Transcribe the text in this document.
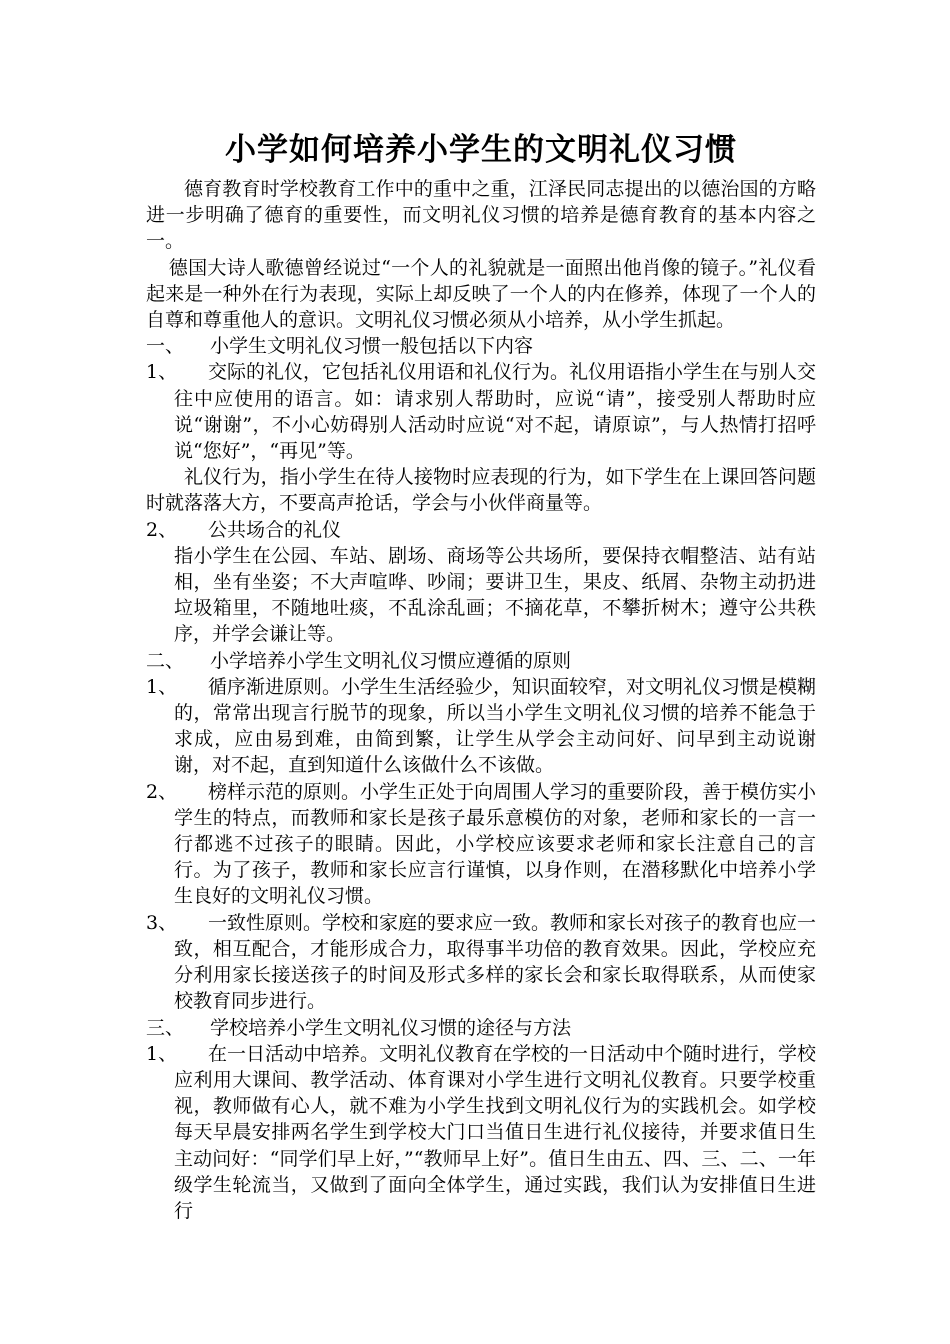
小学如何培养小学生的文明礼仪习惯

德育教育时学校教育工作中的重中之重，江泽民同志提出的以德治国的方略进一步明确了德育的重要性，而文明礼仪习惯的培养是德育教育的基本内容之一。

德国大诗人歌德曾经说过“一个人的礼貌就是一面照出他肖像的镜子。”礼仪看起来是一种外在行为表现，实际上却反映了一个人的内在修养，体现了一个人的自尊和尊重他人的意识。文明礼仪习惯必须从小培养，从小学生抓起。

一、	小学生文明礼仪习惯一般包括以下内容

1、 交际的礼仪，它包括礼仪用语和礼仪行为。礼仪用语指小学生在与别人交往中应使用的语言。如：请求别人帮助时，应说“请”，接受别人帮助时应说“谢谢”，不小心妨碍别人活动时应说“对不起，请原谅”，与人热情打招呼说“您好”，“再见”等。

礼仪行为，指小学生在待人接物时应表现的行为，如下学生在上课回答问题时就落落大方，不要高声抢话，学会与小伙伴商量等。

2、 公共场合的礼仪

指小学生在公园、车站、剧场、商场等公共场所，要保持衣帽整洁、站有站相，坐有坐姿；不大声喧哗、吵闹；要讲卫生，果皮、纸屑、杂物主动扔进垃圾箱里，不随地吐痰，不乱涂乱画；不摘花草，不攀折树木；遵守公共秩序，并学会谦让等。

二、	小学培养小学生文明礼仪习惯应遵循的原则

1、 循序渐进原则。小学生生活经验少，知识面较窄，对文明礼仪习惯是模糊的，常常出现言行脱节的现象，所以当小学生文明礼仪习惯的培养不能急于求成，应由易到难，由简到繁，让学生从学会主动问好、问早到主动说谢谢，对不起，直到知道什么该做什么不该做。

2、 榜样示范的原则。小学生正处于向周围人学习的重要阶段，善于模仿实小学生的特点，而教师和家长是孩子最乐意模仿的对象，老师和家长的一言一行都逃不过孩子的眼睛。因此，小学校应该要求老师和家长注意自己的言行。为了孩子，教师和家长应言行谨慎，以身作则，在潜移默化中培养小学生良好的文明礼仪习惯。

3、 一致性原则。学校和家庭的要求应一致。教师和家长对孩子的教育也应一致，相互配合，才能形成合力，取得事半功倍的教育效果。因此，学校应充分利用家长接送孩子的时间及形式多样的家长会和家长取得联系，从而使家校教育同步进行。

三、	学校培养小学生文明礼仪习惯的途径与方法

1、 在一日活动中培养。文明礼仪教育在学校的一日活动中个随时进行，学校应利用大课间、教学活动、体育课对小学生进行文明礼仪教育。只要学校重视，教师做有心人，就不难为小学生找到文明礼仪行为的实践机会。如学校每天早晨安排两名学生到学校大门口当值日生进行礼仪接待，并要求值日生主动问好：“同学们早上好，”“教师早上好”。值日生由五、四、三、二、一年级学生轮流当，又做到了面向全体学生，通过实践，我们认为安排值日生进行
